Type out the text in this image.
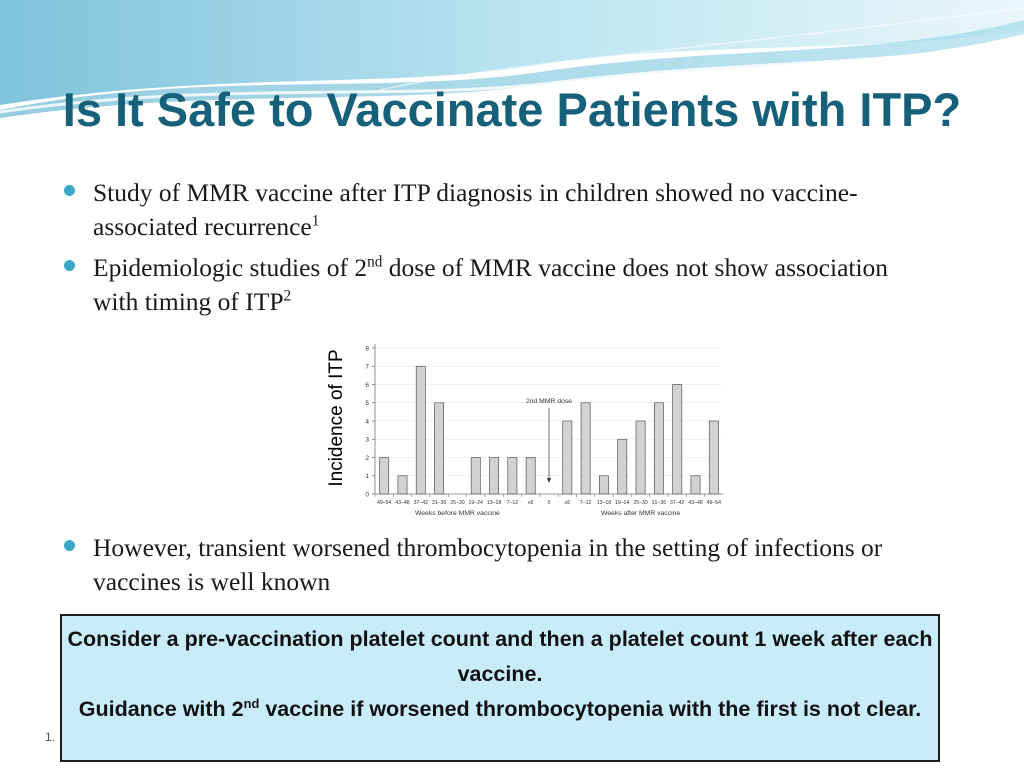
Is It Safe to Vaccinate Patients with ITP?

Study of MMR vaccine after ITP diagnosis in children showed no vaccine-associated recurrence$^1$

Epidemiologic studies of 2nd dose of MMR vaccine does not show association with timing of ITP$^2$

0
1
2
3
4
5
6
7
8
49–54 43–48 37–42 31–36 25–30 19–24 13–18 7–12 ≤6	0	≤6 7–12 13–18 19–24 25–30 31–36 37–42 43–48 49–54
Weeks before MMR vaccine	Weeks after MMR vaccine
2nd MMR dose
Incidence of ITP

However, transient worsened thrombocytopenia in the setting of infections or vaccines is well known

Consider a pre-vaccination platelet count and then a platelet count 1 week after each vaccine.

Guidance with 2nd vaccine if worsened thrombocytopenia with the first is not clear.

1.
